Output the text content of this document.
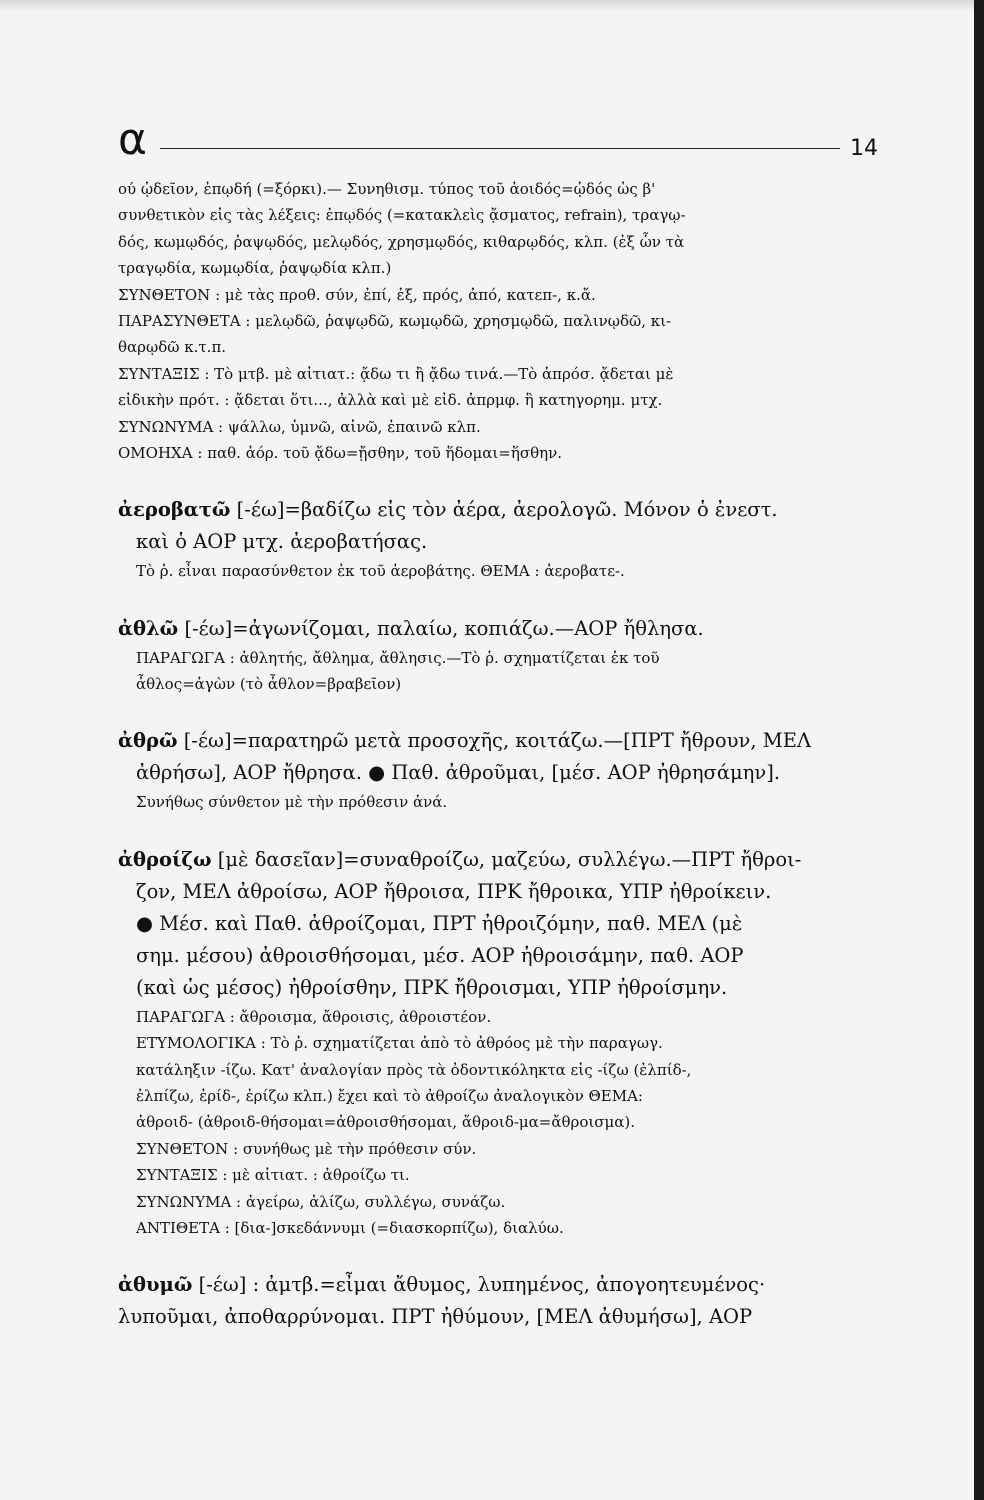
α	14
ού ᾠδεῖον, ἐπῳδή (=ξόρκι).— Συνηθισμ. τύπος τοῦ ἀοιδός=ᾠδός ὡς β'
συνθετικὸν εἰς τὰς λέξεις: ἐπῳδός (=κατακλεὶς ᾄσματος, refrain), τραγῳ-
δός, κωμῳδός, ῥαψῳδός, μελῳδός, χρησμῳδός, κιθαρῳδός, κλπ. (ἐξ ὧν τὰ
τραγῳδία, κωμῳδία, ῥαψῳδία κλπ.)
ΣΥΝΘΕΤΟΝ : μὲ τὰς προθ. σύν, ἐπί, ἐξ, πρός, ἀπό, κατεπ-, κ.ἄ.
ΠΑΡΑΣΥΝΘΕΤΑ : μελῳδῶ, ῥαψῳδῶ, κωμῳδῶ, χρησμῳδῶ, παλινῳδῶ, κι-
θαρῳδῶ κ.τ.π.
ΣΥΝΤΑΞΙΣ : Τὸ μτβ. μὲ αἰτιατ.: ᾄδω τι ἢ ᾄδω τινά.—Τὸ ἀπρόσ. ᾄδεται μὲ
εἰδικὴν πρότ. : ᾄδεται ὅτι..., ἀλλὰ καὶ μὲ εἰδ. ἀπρμφ. ἢ κατηγορημ. μτχ.
ΣΥΝΩΝΥΜΑ : ψάλλω, ὑμνῶ, αἰνῶ, ἐπαινῶ κλπ.
ΟΜΟΗΧΑ : παθ. ἀόρ. τοῦ ᾄδω=ᾔσθην, τοῦ ἥδομαι=ἥσθην.
ἀεροβατῶ [-έω]=βαδίζω εἰς τὸν ἀέρα, ἀερολογῶ. Μόνον ὁ ἐνεστ.
καὶ ὁ ΑΟΡ μτχ. ἀεροβατήσας.
Τὸ ῥ. εἶναι παρασύνθετον ἐκ τοῦ ἀεροβάτης. ΘΕΜΑ : ἀεροβατε-.
ἀθλῶ [-έω]=ἀγωνίζομαι, παλαίω, κοπιάζω.—ΑΟΡ ἤθλησα.
ΠΑΡΑΓΩΓΑ : ἀθλητής, ἄθλημα, ἄθλησις.—Τὸ ῥ. σχηματίζεται ἐκ τοῦ
ἆθλος=ἀγὼν (τὸ ἆθλον=βραβεῖον)
ἀθρῶ [-έω]=παρατηρῶ μετὰ προσοχῆς, κοιτάζω.—[ΠΡΤ ἤθρουν, ΜΕΛ
ἀθρήσω], ΑΟΡ ἤθρησα. ● Παθ. ἀθροῦμαι, [μέσ. ΑΟΡ ἠθρησάμην].
Συνήθως σύνθετον μὲ τὴν πρόθεσιν ἀνά.
ἀθροίζω [μὲ δασεῖαν]=συναθροίζω, μαζεύω, συλλέγω.—ΠΡΤ ἤθροι-
ζον, ΜΕΛ ἀθροίσω, ΑΟΡ ἤθροισα, ΠΡΚ ἤθροικα, ΥΠΡ ἠθροίκειν.
● Μέσ. καὶ Παθ. ἀθροίζομαι, ΠΡΤ ἠθροιζόμην, παθ. ΜΕΛ (μὲ
σημ. μέσου) ἀθροισθήσομαι, μέσ. ΑΟΡ ἠθροισάμην, παθ. ΑΟΡ
(καὶ ὡς μέσος) ἠθροίσθην, ΠΡΚ ἤθροισμαι, ΥΠΡ ἠθροίσμην.
ΠΑΡΑΓΩΓΑ : ἄθροισμα, ἄθροισις, ἀθροιστέον.
ΕΤΥΜΟΛΟΓΙΚΑ : Τὸ ῥ. σχηματίζεται ἀπὸ τὸ ἀθρόος μὲ τὴν παραγωγ.
κατάληξιν -ίζω. Κατ' ἀναλογίαν πρὸς τὰ ὀδοντικόληκτα εἰς -ίζω (ἐλπίδ-,
ἐλπίζω, ἐρίδ-, ἐρίζω κλπ.) ἔχει καὶ τὸ ἀθροίζω ἀναλογικὸν ΘΕΜΑ:
ἀθροιδ- (ἀθροιδ-θήσομαι=ἀθροισθήσομαι, ἄθροιδ-μα=ἄθροισμα).
ΣΥΝΘΕΤΟΝ : συνήθως μὲ τὴν πρόθεσιν σύν.
ΣΥΝΤΑΞΙΣ : μὲ αἰτιατ. : ἀθροίζω τι.
ΣΥΝΩΝΥΜΑ : ἀγείρω, ἁλίζω, συλλέγω, συνάζω.
ΑΝΤΙΘΕΤΑ : [δια-]σκεδάννυμι (=διασκορπίζω), διαλύω.
ἀθυμῶ [-έω] : ἀμτβ.=εἶμαι ἄθυμος, λυπημένος, ἀπογοητευμένος·
λυποῦμαι, ἀποθαρρύνομαι. ΠΡΤ ἠθύμουν, [ΜΕΛ ἀθυμήσω], ΑΟΡ
